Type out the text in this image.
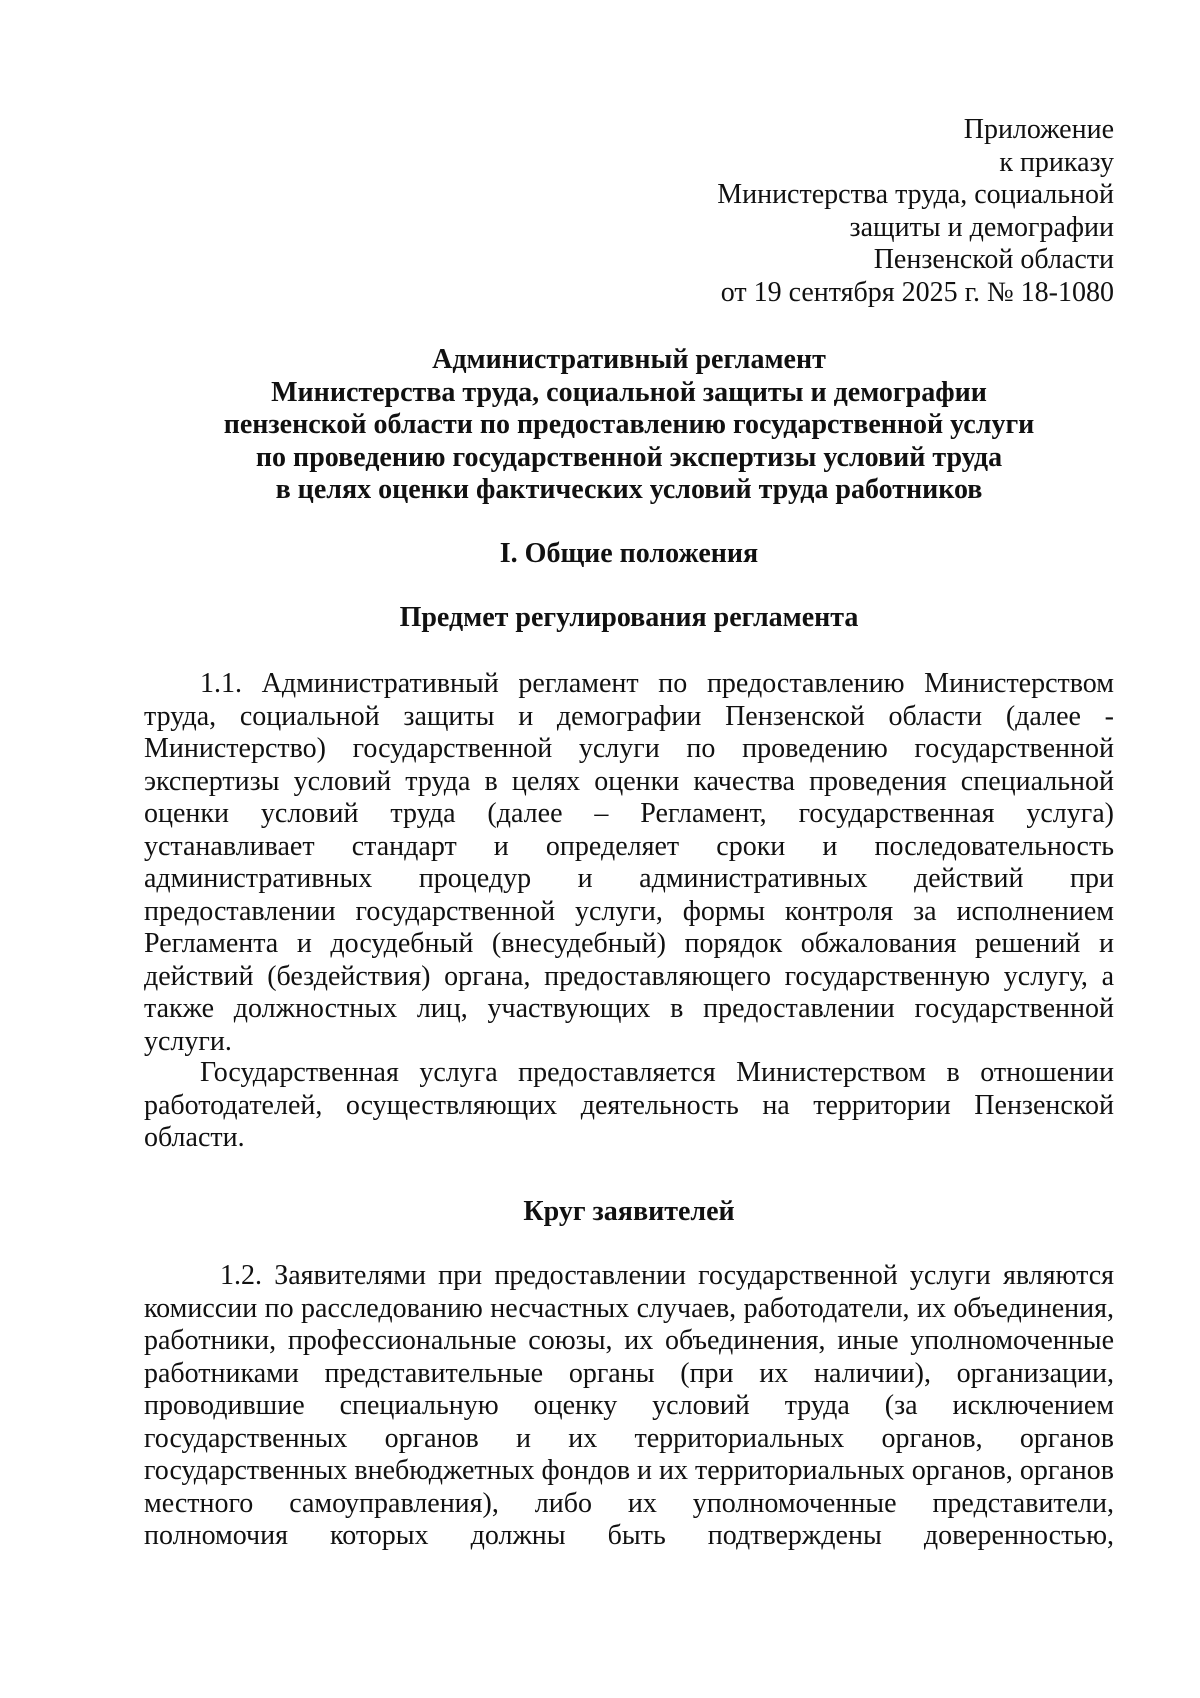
Приложение
к приказу
Министерства труда, социальной
защиты и демографии
Пензенской области
от 19 сентября 2025 г. № 18-1080
Административный регламент
Министерства труда, социальной защиты и демографии
пензенской области по предоставлению государственной услуги
по проведению государственной экспертизы условий труда
в целях оценки фактических условий труда работников
I. Общие положения
Предмет регулирования регламента

1.1. Административный регламент по предоставлению Министерством труда, социальной защиты и демографии Пензенской области (далее - Министерство) государственной услуги по проведению государственной экспертизы условий труда в целях оценки качества проведения специальной оценки условий труда (далее – Регламент, государственная услуга) устанавливает стандарт и определяет сроки и последовательность административных процедур и административных действий при предоставлении государственной услуги, формы контроля за исполнением Регламента и досудебный (внесудебный) порядок обжалования решений и действий (бездействия) органа, предоставляющего государственную услугу, а также должностных лиц, участвующих в предоставлении государственной услуги.

Государственная услуга предоставляется Министерством в отношении работодателей, осуществляющих деятельность на территории Пензенской области.

Круг заявителей

1.2. Заявителями при предоставлении государственной услуги являются комиссии по расследованию несчастных случаев, работодатели, их объединения, работники, профессиональные союзы, их объединения, иные уполномоченные работниками представительные органы (при их наличии), организации, проводившие специальную оценку условий труда (за исключением государственных органов и их территориальных органов, органов государственных внебюджетных фондов и их территориальных органов, органов местного самоуправления), либо их уполномоченные представители, полномочия которых должны быть подтверждены доверенностью,
